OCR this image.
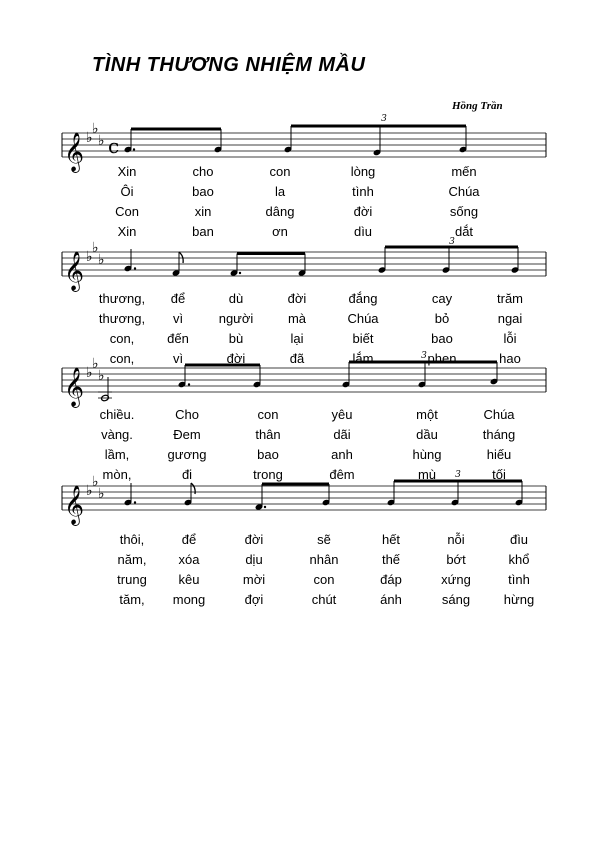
TÌNH THƯƠNG NHIỆM MẦU
Hồng Trần
𝄞 ♭
♭
♭ c
𝄞 ♭
♭
♭
𝄞 ♭
♭
♭
𝄞 ♭
♭
♭
3
3
3
3
Xin	cho	con	lòng	mến
Ôi	bao	la	tình	Chúa
Con	xin	dâng	đời	sống
Xin	ban	ơn	dìu	dắt
thương, để	dù	đời	đắng	cay	trăm
thương, vì	người	mà	Chúa	bỏ	ngai
con,	đến	bù	lại	biết	bao	lỗi
con,	vì	đời	đã	lắm	phen	hao
chiều.	Cho	con	yêu	một	Chúa
vàng.	Đem	thân	dãi	dầu	tháng
lầm,	gương	bao	anh	hùng	hiếu
mòn,	đi	trong	đêm	mù	tối
thôi,	để	đời	sẽ	hết	nỗi	đìu
năm, xóa	dịu	nhân	thế	bớt	khổ
trung kêu	mời	con	đáp	xứng	tình
tăm, mong	đợi	chút	ánh	sáng	hừng
